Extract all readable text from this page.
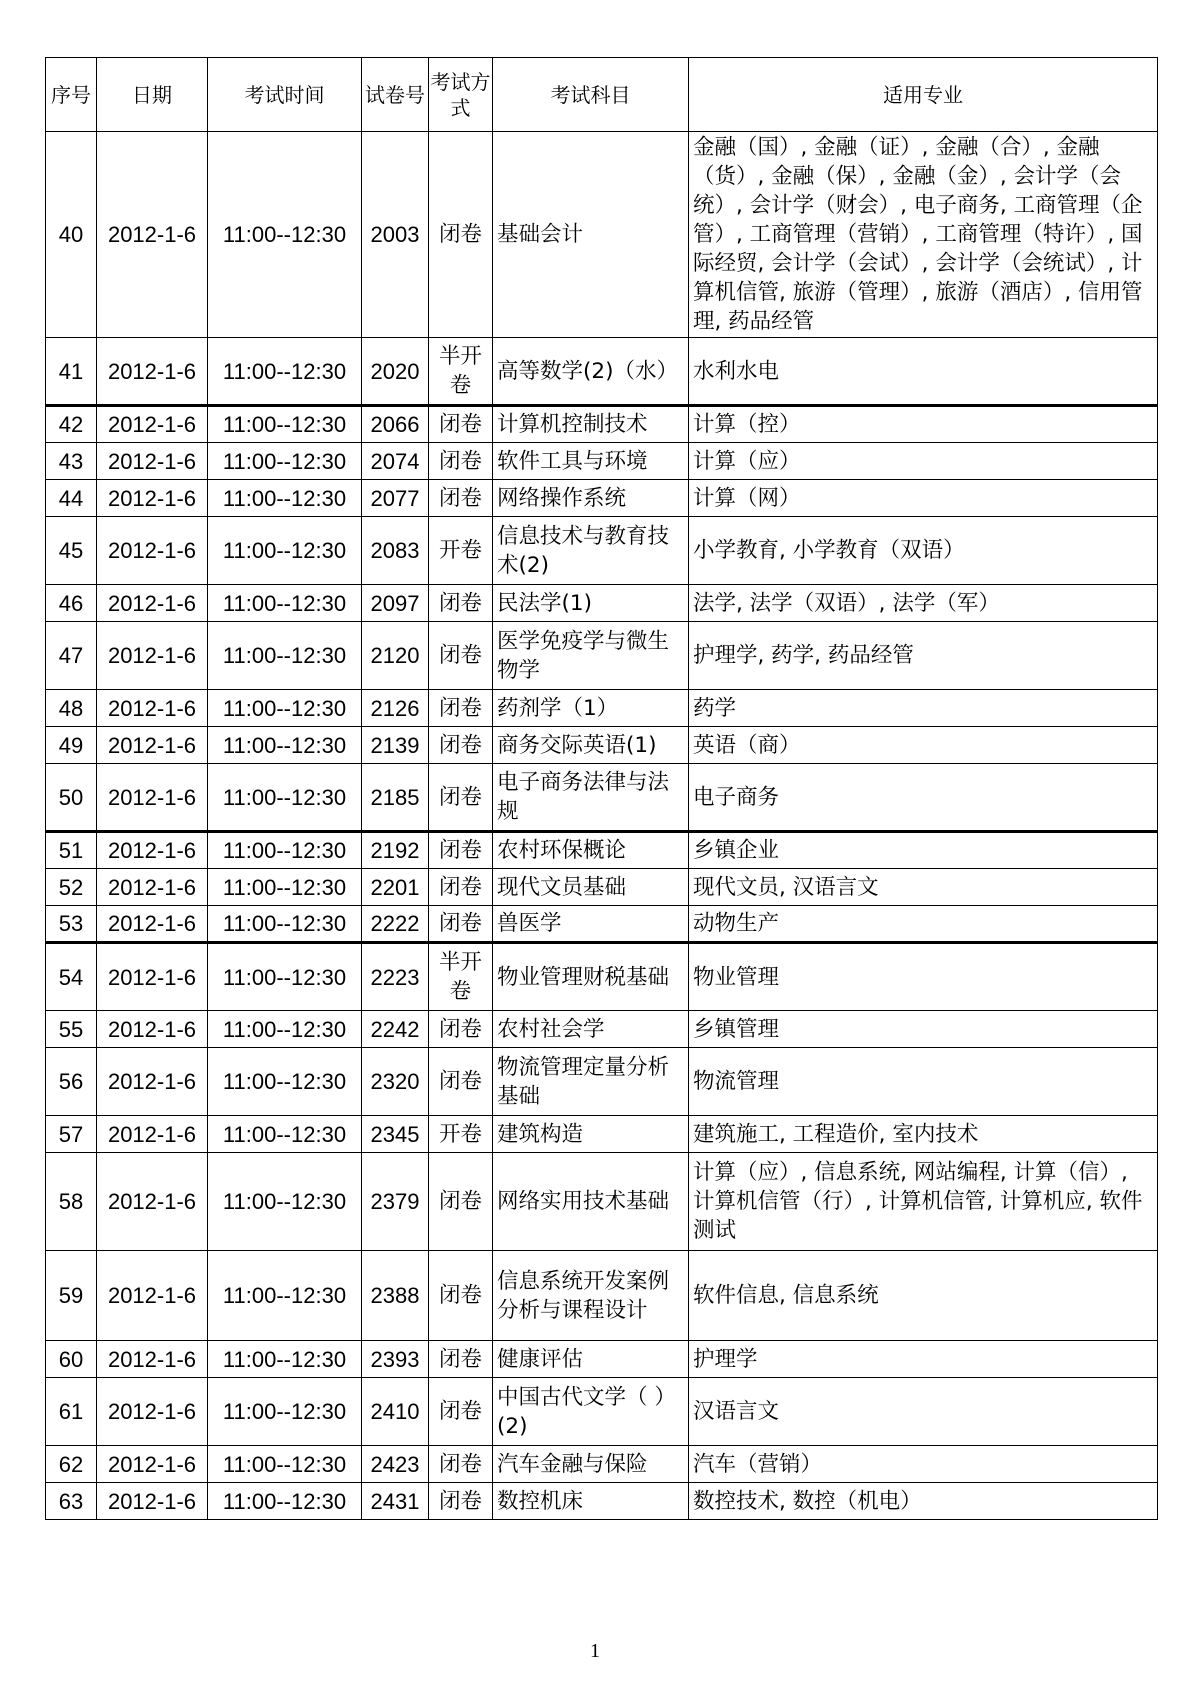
序号	日期	考试时间	试卷号	考试方式	考试科目	适用专业
40	2012-1-6	11:00--12:30	2003	闭卷	基础会计	金融（国）, 金融（证）, 金融（合）, 金融（货）, 金融（保）, 金融（金）, 会计学（会统）, 会计学（财会）, 电子商务, 工商管理（企管）, 工商管理（营销）, 工商管理（特许）, 国际经贸, 会计学（会试）, 会计学（会统试）, 计算机信管, 旅游（管理）, 旅游（酒店）, 信用管理, 药品经管
41	2012-1-6	11:00--12:30	2020	半开卷	高等数学(2)（水）	水利水电
42	2012-1-6	11:00--12:30	2066	闭卷	计算机控制技术	计算（控）
43	2012-1-6	11:00--12:30	2074	闭卷	软件工具与环境	计算（应）
44	2012-1-6	11:00--12:30	2077	闭卷	网络操作系统	计算（网）
45	2012-1-6	11:00--12:30	2083	开卷	信息技术与教育技术(2)	小学教育, 小学教育（双语）
46	2012-1-6	11:00--12:30	2097	闭卷	民法学(1)	法学, 法学（双语）, 法学（军）
47	2012-1-6	11:00--12:30	2120	闭卷	医学免疫学与微生物学	护理学, 药学, 药品经管
48	2012-1-6	11:00--12:30	2126	闭卷	药剂学（1）	药学
49	2012-1-6	11:00--12:30	2139	闭卷	商务交际英语(1)	英语（商）
50	2012-1-6	11:00--12:30	2185	闭卷	电子商务法律与法规	电子商务
51	2012-1-6	11:00--12:30	2192	闭卷	农村环保概论	乡镇企业
52	2012-1-6	11:00--12:30	2201	闭卷	现代文员基础	现代文员, 汉语言文
53	2012-1-6	11:00--12:30	2222	闭卷	兽医学	动物生产
54	2012-1-6	11:00--12:30	2223	半开卷	物业管理财税基础	物业管理
55	2012-1-6	11:00--12:30	2242	闭卷	农村社会学	乡镇管理
56	2012-1-6	11:00--12:30	2320	闭卷	物流管理定量分析基础	物流管理
57	2012-1-6	11:00--12:30	2345	开卷	建筑构造	建筑施工, 工程造价, 室内技术
58	2012-1-6	11:00--12:30	2379	闭卷	网络实用技术基础	计算（应）, 信息系统, 网站编程, 计算（信）, 计算机信管（行）, 计算机信管, 计算机应, 软件测试
59	2012-1-6	11:00--12:30	2388	闭卷	信息系统开发案例分析与课程设计	软件信息, 信息系统
60	2012-1-6	11:00--12:30	2393	闭卷	健康评估	护理学
61	2012-1-6	11:00--12:30	2410	闭卷	中国古代文学（ ）(2)	汉语言文
62	2012-1-6	11:00--12:30	2423	闭卷	汽车金融与保险	汽车（营销）
63	2012-1-6	11:00--12:30	2431	闭卷	数控机床	数控技术, 数控（机电）
1
